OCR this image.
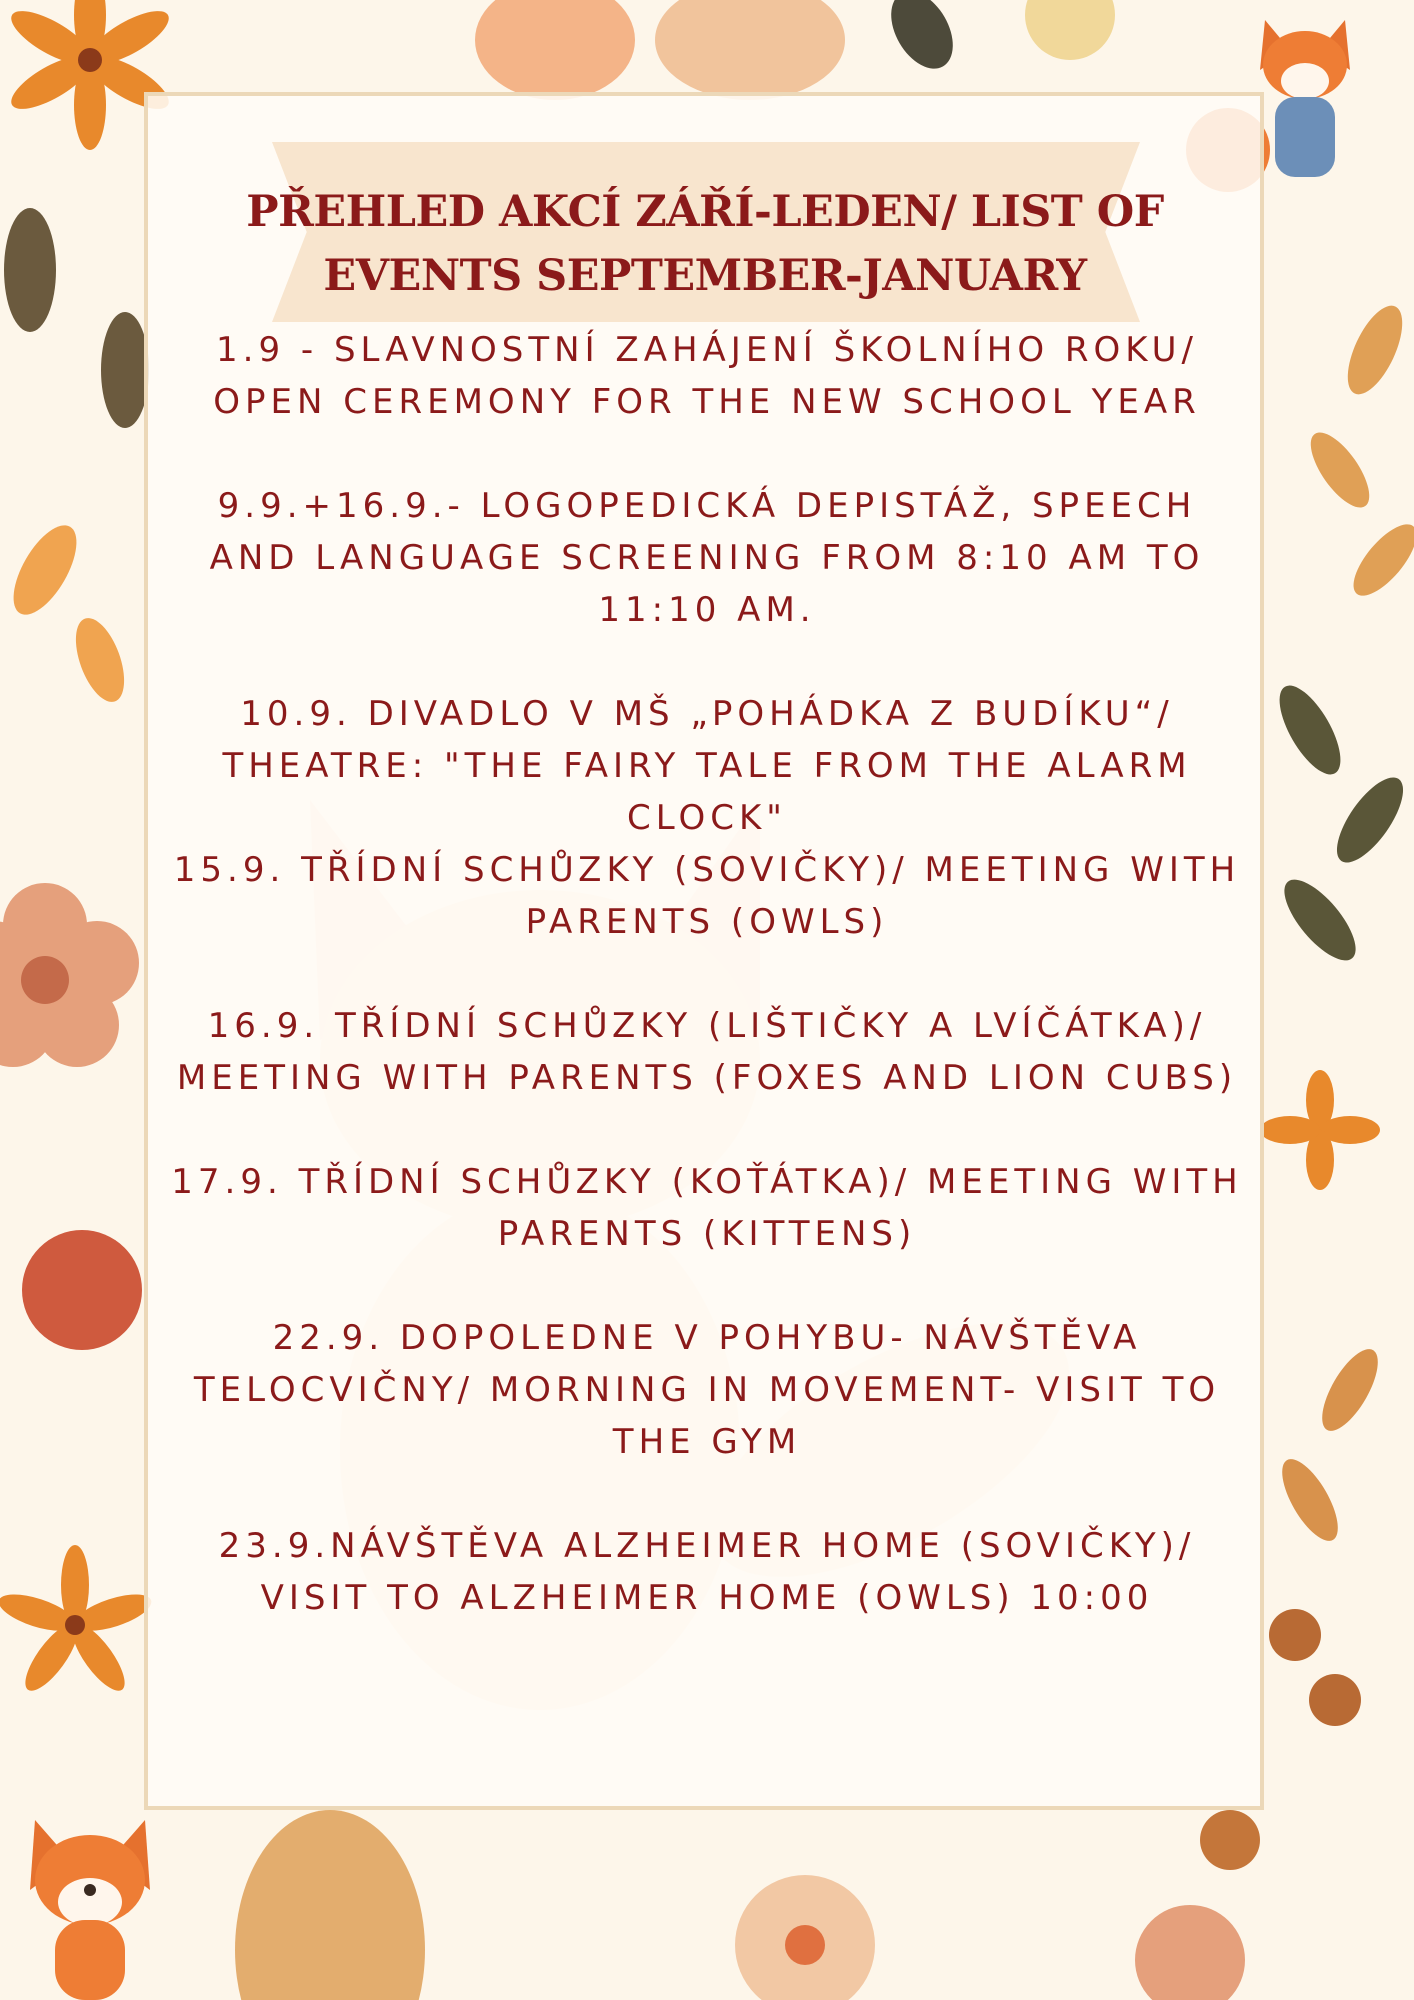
PŘEHLED AKCÍ ZÁŘÍ-LEDEN/ LIST OF EVENTS SEPTEMBER-JANUARY

1.9 - SLAVNOSTNÍ ZAHÁJENÍ ŠKOLNÍHO ROKU/ OPEN CEREMONY FOR THE NEW SCHOOL YEAR

9.9.+16.9.- LOGOPEDICKÁ DEPISTÁŽ, SPEECH AND LANGUAGE SCREENING FROM 8:10 AM TO 11:10 AM.

10.9. DIVADLO V MŠ „POHÁDKA Z BUDÍKU“/ THEATRE: "THE FAIRY TALE FROM THE ALARM CLOCK"

15.9. TŘÍDNÍ SCHŮZKY (SOVIČKY)/ MEETING WITH PARENTS (OWLS)

16.9. TŘÍDNÍ SCHŮZKY (LIŠTIČKY A LVÍČÁTKA)/ MEETING WITH PARENTS (FOXES AND LION CUBS)

17.9. TŘÍDNÍ SCHŮZKY (KOŤÁTKA)/ MEETING WITH PARENTS (KITTENS)

22.9. DOPOLEDNE V POHYBU- NÁVŠTĚVA TELOCVIČNY/ MORNING IN MOVEMENT- VISIT TO THE GYM

23.9.NÁVŠTĚVA ALZHEIMER HOME (SOVIČKY)/ VISIT TO ALZHEIMER HOME (OWLS) 10:00
